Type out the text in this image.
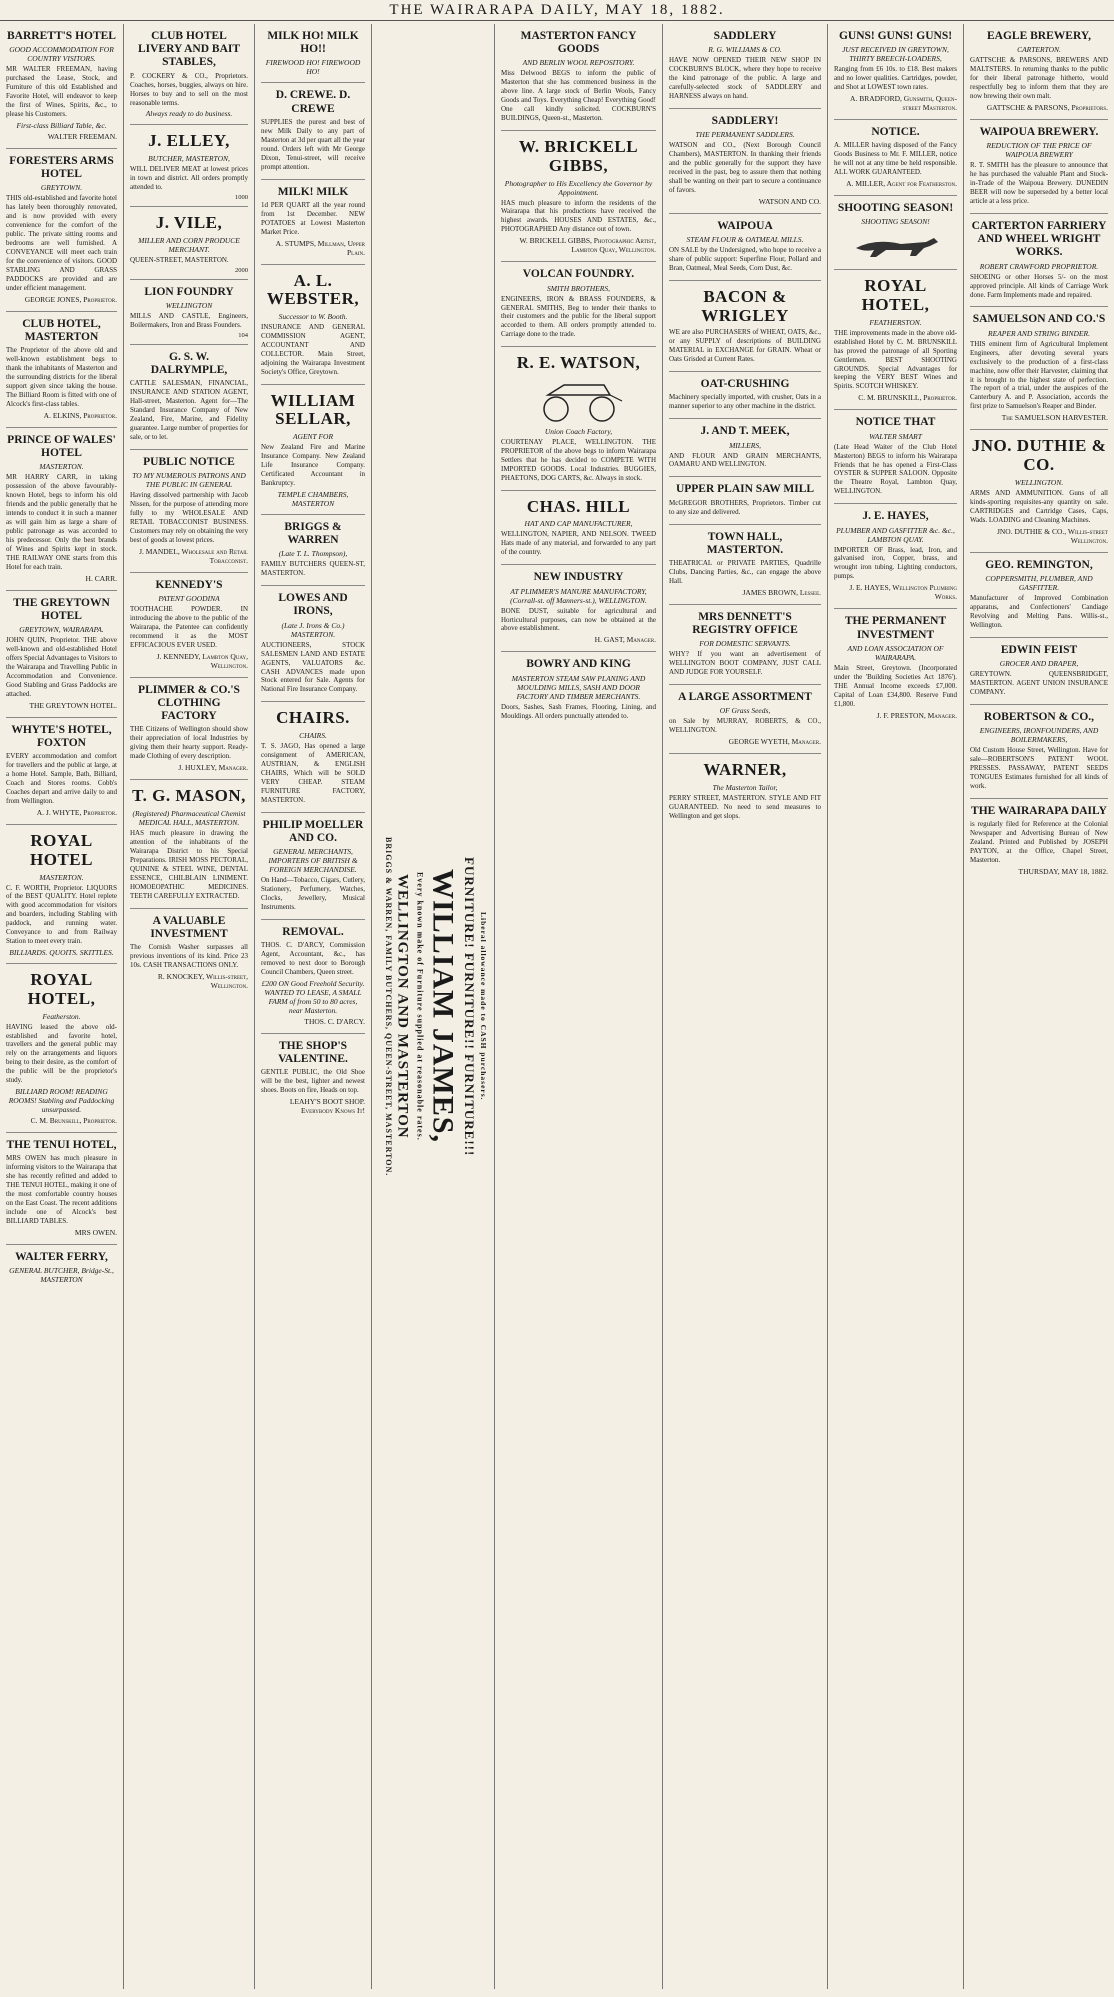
THE WAIRARAPA DAILY, MAY 18, 1882.
BARRETT'S HOTEL
GOOD ACCOMMODATION FOR COUNTRY VISITORS.
MR WALTER FREEMAN, having purchased the Lease, Stock, and Furniture of this old Established and Favorite Hotel, will endeavor to keep the first of Wines, Spirits, &c., to please his Customers.
First-class Billiard Table, &c.
WALTER FREEMAN.
FORESTERS ARMS HOTEL
GREYTOWN.
THIS old-established and favorite hotel has lately been thoroughly renovated, and is now provided with every convenience for the comfort of the public. The private sitting rooms and bedrooms are well furnished. A CONVEYANCE will meet each train for the convenience of visitors. GOOD STABLING AND GRASS PADDOCKS are provided and are under efficient management.
GEORGE JONES, Proprietor.
CLUB HOTEL, MASTERTON
The Proprietor of the above old and well-known establishment begs to thank the inhabitants of Masterton and the surrounding districts for the liberal support given since taking the house. The Billiard Room is fitted with one of Alcock's first-class tables.
A. ELKINS, Proprietor.
PRINCE OF WALES' HOTEL
MASTERTON.
MR HARRY CARR, in taking possession of the above favourably-known Hotel, begs to inform his old friends and the public generally that he intends to conduct it in such a manner as will gain him as large a share of public patronage as was accorded to his predecessor. Only the best brands of Wines and Spirits kept in stock. THE RAILWAY ONE starts from this Hotel for each train.
H. CARR.
THE GREYTOWN HOTEL
GREYTOWN, WAIRARAPA.
JOHN QUIN, Proprietor. THE above well-known and old-established Hotel offers Special Advantages to Visitors to the Wairarapa and Travelling Public in Accommodation and Convenience. Good Stabling and Grass Paddocks are attached.
THE GREYTOWN HOTEL.
WHYTE'S HOTEL, FOXTON
EVERY accommodation and comfort for travellers and the public at large, at a home Hotel. Sample, Bath, Billiard, Coach and Stores rooms. Cobb's Coaches depart and arrive daily to and from Wellington.
A. J. WHYTE, Proprietor.
ROYAL HOTEL
MASTERTON.
C. F. WORTH, Proprietor. LIQUORS of the BEST QUALITY. Hotel replete with good accommodation for visitors and boarders, including Stabling with paddock, and running water. Conveyance to and from Railway Station to meet every train.
BILLIARDS. QUOITS. SKITTLES.
ROYAL HOTEL,
Featherston.
HAVING leased the above old-established and favorite hotel, travellers and the general public may rely on the arrangements and liquors being to their desire, as the comfort of the public will be the proprietor's study.
BILLIARD ROOM! READING ROOMS! Stabling and Paddocking unsurpassed.
C. M. Brunskill, Proprietor.
THE TENUI HOTEL,
MRS OWEN has much pleasure in informing visitors to the Wairarapa that she has recently refitted and added to THE TENUI HOTEL, making it one of the most comfortable country houses on the East Coast. The recent additions include one of Alcock's best BILLIARD TABLES.
MRS OWEN.
WALTER FERRY,
GENERAL BUTCHER, Bridge-St., MASTERTON
CLUB HOTEL LIVERY AND BAIT STABLES,
P. COCKERY & CO., Proprietors. Coaches, horses, buggies, always on hire. Horses to buy and to sell on the most reasonable terms.
Always ready to do business.
J. ELLEY,
BUTCHER, MASTERTON,
WILL DELIVER MEAT at lowest prices in town and district. All orders promptly attended to.
1000
J. VILE,
MILLER AND CORN PRODUCE MERCHANT.
QUEEN-STREET, MASTERTON.
2000
LION FOUNDRY
WELLINGTON
MILLS AND CASTLE, Engineers, Boilermakers, Iron and Brass Founders.
104
G. S. W. DALRYMPLE,
CATTLE SALESMAN, FINANCIAL, INSURANCE AND STATION AGENT, Hall-street, Masterton. Agent for—The Standard Insurance Company of New Zealand, Fire, Marine, and Fidelity guarantee. Large number of properties for sale, or to let.
PUBLIC NOTICE
TO MY NUMEROUS PATRONS AND THE PUBLIC IN GENERAL
Having dissolved partnership with Jacob Nissen, for the purpose of attending more fully to my WHOLESALE AND RETAIL TOBACCONIST BUSINESS. Customers may rely on obtaining the very best of goods at lowest prices.
J. MANDEL, Wholesale and Retail Tobacconist.
KENNEDY'S
PATENT GOODINA
TOOTHACHE POWDER. IN introducing the above to the public of the Wairarapa, the Patentee can confidently recommend it as the MOST EFFICACIOUS EVER USED.
J. KENNEDY, Lambton Quay, Wellington.
PLIMMER & CO.'S CLOTHING FACTORY
THE Citizens of Wellington should show their appreciation of local Industries by giving them their hearty support. Ready-made Clothing of every description.
J. HUXLEY, Manager.
T. G. MASON,
(Registered) Pharmaceutical Chemist MEDICAL HALL, MASTERTON.
HAS much pleasure in drawing the attention of the inhabitants of the Wairarapa District to his Special Preparations. IRISH MOSS PECTORAL, QUININE & STEEL WINE, DENTAL ESSENCE, CHILBLAIN LINIMENT. HOMOEOPATHIC MEDICINES. TEETH CAREFULLY EXTRACTED.
A VALUABLE INVESTMENT
The Cornish Washer surpasses all previous inventions of its kind. Price 23 10s. CASH TRANSACTIONS ONLY.
R. KNOCKEY, Willis-street, Wellington.
MILK HO! MILK HO!!
FIREWOOD HO! FIREWOOD HO!
D. CREWE. D. CREWE
SUPPLIES the purest and best of new Milk Daily to any part of Masterton at 3d per quart all the year round. Orders left with Mr George Dixon, Tenui-street, will receive prompt attention.
MILK! MILK
1d PER QUART all the year round from 1st December. NEW POTATOES at Lowest Masterton Market Price.
A. STUMPS, Millman, Upper Plain.
A. L. WEBSTER,
Successor to W. Booth.
INSURANCE AND GENERAL COMMISSION AGENT, ACCOUNTANT AND COLLECTOR. Main Street, adjoining the Wairarapa Investment Society's Office, Greytown.
WILLIAM SELLAR,
AGENT FOR
New Zealand Fire and Marine Insurance Company. New Zealand Life Insurance Company. Certificated Accountant in Bankruptcy.
TEMPLE CHAMBERS, MASTERTON
BRIGGS & WARREN
(Late T. L. Thompson),
FAMILY BUTCHERS QUEEN-ST, MASTERTON.
LOWES AND IRONS,
(Late J. Irons & Co.) MASTERTON.
AUCTIONEERS, STOCK SALESMEN LAND AND ESTATE AGENTS, VALUATORS &c. CASH ADVANCES made upon Stock entered for Sale. Agents for National Fire Insurance Company.
CHAIRS.
CHAIRS.
T. S. JAGO, Has opened a large consignment of AMERICAN, AUSTRIAN, & ENGLISH CHAIRS, Which will be SOLD VERY CHEAP. STEAM FURNITURE FACTORY, MASTERTON.
PHILIP MOELLER AND CO.
GENERAL MERCHANTS, IMPORTERS OF BRITISH & FOREIGN MERCHANDISE.
On Hand—Tobacco, Cigars, Cutlery, Stationery, Perfumery, Watches, Clocks, Jewellery, Musical Instruments.
REMOVAL.
THOS. C. D'ARCY, Commission Agent, Accountant, &c., has removed to next door to Borough Council Chambers, Queen street.
£200 ON Good Freehold Security. WANTED TO LEASE, A SMALL FARM of from 50 to 80 acres, near Masterton.
THOS. C. D'ARCY.
THE SHOP'S VALENTINE.
GENTLE PUBLIC, the Old Shoe will be the best, lighter and newest shoes. Boots on fire, Heads on top.
LEAHY'S BOOT SHOP. Everybody Knows It!	BRIGGS & WARREN, FAMILY BUTCHERS, QUEEN-STREET, MASTERTON. WELLINGTON AND MASTERTON Every known make of Furniture supplied at reasonable rates. WILLIAM JAMES, FURNITURE! FURNITURE!! FURNITURE!!! Liberal allowance made to CASH purchasers.
MASTERTON FANCY GOODS
AND BERLIN WOOL REPOSITORY.
Miss Delwood BEGS to inform the public of Masterton that she has commenced business in the above line. A large stock of Berlin Wools, Fancy Goods and Toys. Everything Cheap! Everything Good! One call kindly solicited. COCKBURN'S BUILDINGS, Queen-st., Masterton.
W. BRICKELL GIBBS,
Photographer to His Excellency the Governor by Appointment.
HAS much pleasure to inform the residents of the Wairarapa that his productions have received the highest awards. HOUSES AND ESTATES, &c., PHOTOGRAPHED Any distance out of town.
W. BRICKELL GIBBS, Photographic Artist, Lambton Quay, Wellington.
VOLCAN FOUNDRY.
SMITH BROTHERS,
ENGINEERS, IRON & BRASS FOUNDERS, & GENERAL SMITHS, Beg to tender their thanks to their customers and the public for the liberal support accorded to them. All orders promptly attended to. Carriage done to the trade.
R. E. WATSON,
Union Coach Factory,
COURTENAY PLACE, WELLINGTON. THE PROPRIETOR of the above begs to inform Wairarapa Settlers that he has decided to COMPETE WITH IMPORTED GOODS. Local Industries. BUGGIES, PHAETONS, DOG CARTS, &c. Always in stock.
CHAS. HILL
HAT AND CAP MANUFACTURER,
WELLINGTON, NAPIER, AND NELSON. TWEED Hats made of any material, and forwarded to any part of the country.
NEW INDUSTRY
AT PLIMMER'S MANURE MANUFACTORY, (Corrall-st. off Manners-st.), WELLINGTON.
BONE DUST, suitable for agricultural and Horticultural purposes, can now be obtained at the above establishment.
H. GAST, Manager.
BOWRY AND KING
MASTERTON STEAM SAW PLANING AND MOULDING MILLS, SASH AND DOOR FACTORY AND TIMBER MERCHANTS.
Doors, Sashes, Sash Frames, Flooring, Lining, and Mouldings. All orders punctually attended to.
SADDLERY
R. G. WILLIAMS & CO.
HAVE NOW OPENED THEIR NEW SHOP IN COCKBURN'S BLOCK, where they hope to receive the kind patronage of the public. A large and carefully-selected stock of SADDLERY and HARNESS always on hand.
SADDLERY!
THE PERMANENT SADDLERS.
WATSON and CO., (Next Borough Council Chambers), MASTERTON. In thanking their friends and the public generally for the support they have received in the past, beg to assure them that nothing shall be wanting on their part to secure a continuance of favors.
WATSON AND CO.
WAIPOUA
STEAM FLOUR & OATMEAL MILLS.
ON SALE by the Undersigned, who hope to receive a share of public support: Superfine Flour, Pollard and Bran, Oatmeal, Meal Seeds, Corn Dust, &c.
BACON & WRIGLEY
WE are also PURCHASERS of WHEAT, OATS, &c., or any SUPPLY of descriptions of BUILDING MATERIAL in EXCHANGE for GRAIN. Wheat or Oats Grisded at Current Rates.
OAT-CRUSHING
Machinery specially imported, with crusher, Oats in a manner superior to any other machine in the district.
J. AND T. MEEK,
MILLERS,
AND FLOUR AND GRAIN MERCHANTS, OAMARU AND WELLINGTON.
UPPER PLAIN SAW MILL
McGREGOR BROTHERS, Proprietors. Timber cut to any size and delivered.
TOWN HALL, MASTERTON.
THEATRICAL or PRIVATE PARTIES, Quadrille Clubs, Dancing Parties, &c., can engage the above Hall.
JAMES BROWN, Lessee.
MRS DENNETT'S REGISTRY OFFICE
FOR DOMESTIC SERVANTS.
WHY? If you want an advertisement of WELLINGTON BOOT COMPANY, JUST CALL AND JUDGE FOR YOURSELF.
A LARGE ASSORTMENT
OF Grass Seeds,
on Sale by MURRAY, ROBERTS, & CO., WELLINGTON.
GEORGE WYETH, Manager.
WARNER,
The Masterton Tailor,
PERRY STREET, MASTERTON. STYLE AND FIT GUARANTEED. No need to send measures to Wellington and get slops.
GUNS! GUNS! GUNS!
JUST RECEIVED IN GREYTOWN, THIRTY BREECH-LOADERS,
Ranging from £6 10s. to £18. Best makers and no lower qualities. Cartridges, powder, and Shot at LOWEST town rates.
A. BRADFORD, Gunsmith, Queen-street Masterton.
NOTICE.
A. MILLER having disposed of the Fancy Goods Business to Mr. F. MILLER, notice he will not at any time be held responsible. ALL WORK GUARANTEED.
A. MILLER, Agent for Featherston.
SHOOTING SEASON!
SHOOTING SEASON!
ROYAL HOTEL,
FEATHERSTON.
THE improvements made in the above old-established Hotel by C. M. BRUNSKILL has proved the patronage of all Sporting Gentlemen. BEST SHOOTING GROUNDS. Special Advantages for keeping the VERY BEST Wines and Spirits. SCOTCH WHISKEY.
C. M. BRUNSKILL, Proprietor.
NOTICE THAT
WALTER SMART
(Late Head Waiter of the Club Hotel Masterton) BEGS to inform his Wairarapa Friends that he has opened a First-Class OYSTER & SUPPER SALOON. Opposite the Theatre Royal, Lambton Quay, WELLINGTON.
J. E. HAYES,
PLUMBER AND GASFITTER &c. &c., LAMBTON QUAY.
IMPORTER OF Brass, lead, Iron, and galvanised iron, Copper, brass, and wrought iron tubing. Lighting conductors, pumps.
J. E. HAYES, Wellington Plumbing Works.
THE PERMANENT INVESTMENT
AND LOAN ASSOCIATION OF WAIRARAPA.
Main Street, Greytown. (Incorporated under the 'Building Societies Act 1876'). THE Annual Income exceeds £7,000. Capital of Loan £34,800. Reserve Fund £1,800.
J. F. PRESTON, Manager.
EAGLE BREWERY,
CARTERTON.
GATTSCHE & PARSONS, BREWERS AND MALTSTERS. In returning thanks to the public for their liberal patronage hitherto, would respectfully beg to inform them that they are now brewing their own malt.
GATTSCHE & PARSONS, Proprietors.
WAIPOUA BREWERY.
REDUCTION OF THE PRICE OF WAIPOUA BREWERY
R. T. SMITH has the pleasure to announce that he has purchased the valuable Plant and Stock-in-Trade of the Waipoua Brewery. DUNEDIN BEER will now be superseded by a better local article at a less price.
CARTERTON FARRIERY AND WHEEL WRIGHT WORKS.
ROBERT CRAWFORD PROPRIETOR.
SHOEING or other Horses 5/- on the most approved principle. All kinds of Carriage Work done. Farm Implements made and repaired.
SAMUELSON AND CO.'S
REAPER AND STRING BINDER.
THIS eminent firm of Agricultural Implement Engineers, after devoting several years exclusively to the production of a first-class machine, now offer their Harvester, claiming that it is brought to the highest state of perfection. The report of a trial, under the auspices of the Canterbury A. and P. Association, accords the first prize to Samuelson's Reaper and Binder.
The SAMUELSON HARVESTER.
JNO. DUTHIE & CO.
WELLINGTON.
ARMS AND AMMUNITION. Guns of all kinds-sporting requisites-any quantity on sale. CARTRIDGES and Cartridge Cases, Caps, Wads. LOADING and Cleaning Machines.
JNO. DUTHIE & CO., Willis-street Wellington.
GEO. REMINGTON,
COPPERSMITH, PLUMBER, AND GASFITTER.
Manufacturer of Improved Combination apparatus, and Confectioners' Candiage Revolving and Melting Pans. Willis-st., Wellington.
EDWIN FEIST
GROCER AND DRAPER,
GREYTOWN. QUEENSBRIDGET, MASTERTON. AGENT UNION INSURANCE COMPANY.
ROBERTSON & CO.,
ENGINEERS, IRONFOUNDERS, AND BOILERMAKERS,
Old Custom House Street, Wellington. Have for sale—ROBERTSON'S PATENT WOOL PRESSES. PASSAWAY, PATENT SEEDS TONGUES Estimates furnished for all kinds of work.
THE WAIRARAPA DAILY
is regularly filed for Reference at the Colonial Newspaper and Advertising Bureau of New Zealand. Printed and Published by JOSEPH PAYTON, at the Office, Chapel Street, Masterton.
THURSDAY, MAY 18, 1882.
